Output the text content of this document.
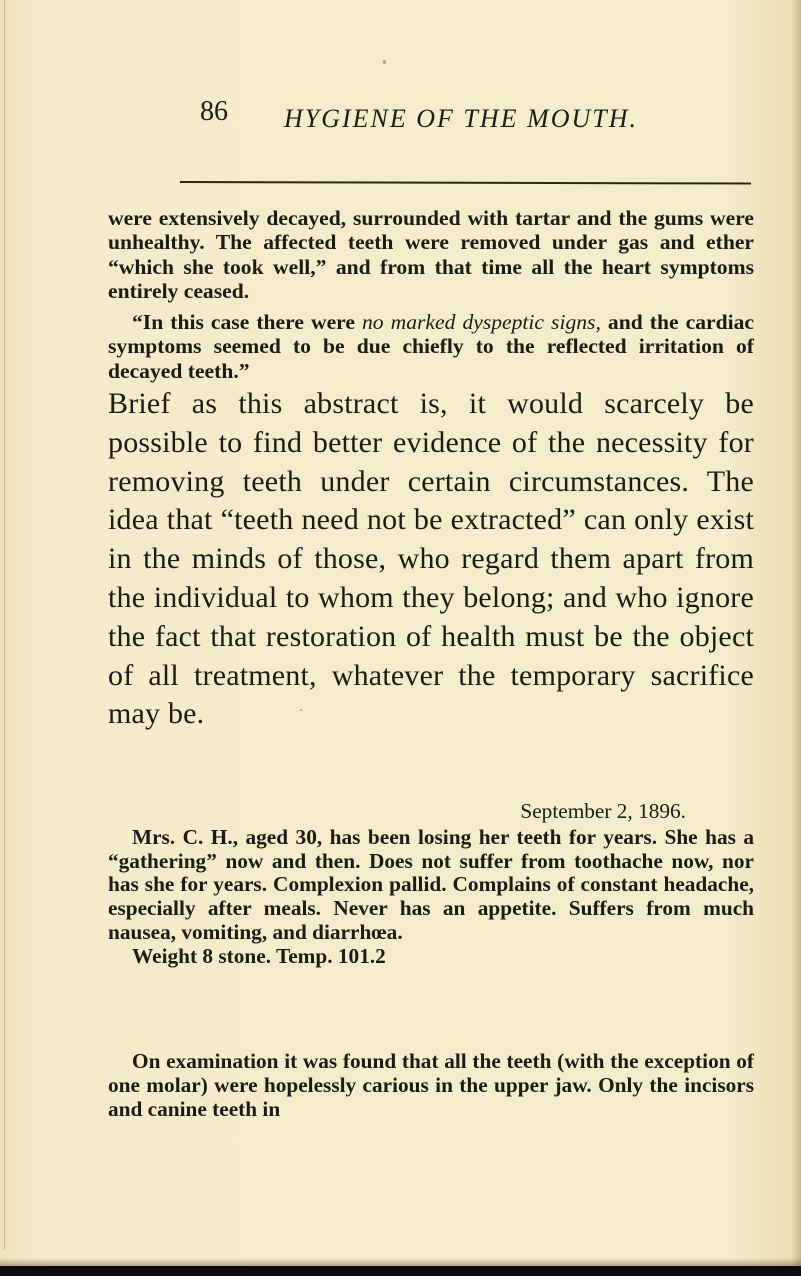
86 HYGIENE OF THE MOUTH.

were extensively decayed, surrounded with tartar and the gums were unhealthy. The affected teeth were removed under gas and ether “which she took well,” and from that time all the heart symptoms entirely ceased.

“In this case there were no marked dyspeptic signs, and the cardiac symptoms seemed to be due chiefly to the reflected irritation of decayed teeth.”

Brief as this abstract is, it would scarcely be possible to find better evidence of the necessity for removing teeth under certain circumstances. The idea that “teeth need not be extracted” can only exist in the minds of those, who regard them apart from the individual to whom they belong; and who ignore the fact that restoration of health must be the object of all treatment, whatever the temporary sacrifice may be.

September 2, 1896.

Mrs. C. H., aged 30, has been losing her teeth for years. She has a “gathering” now and then. Does not suffer from toothache now, nor has she for years. Complexion pallid. Complains of constant headache, especially after meals. Never has an appetite. Suffers from much nausea, vomiting, and diarrhœa.

Weight 8 stone. Temp. 101.2

On examination it was found that all the teeth (with the exception of one molar) were hopelessly carious in the upper jaw. Only the incisors and canine teeth in
